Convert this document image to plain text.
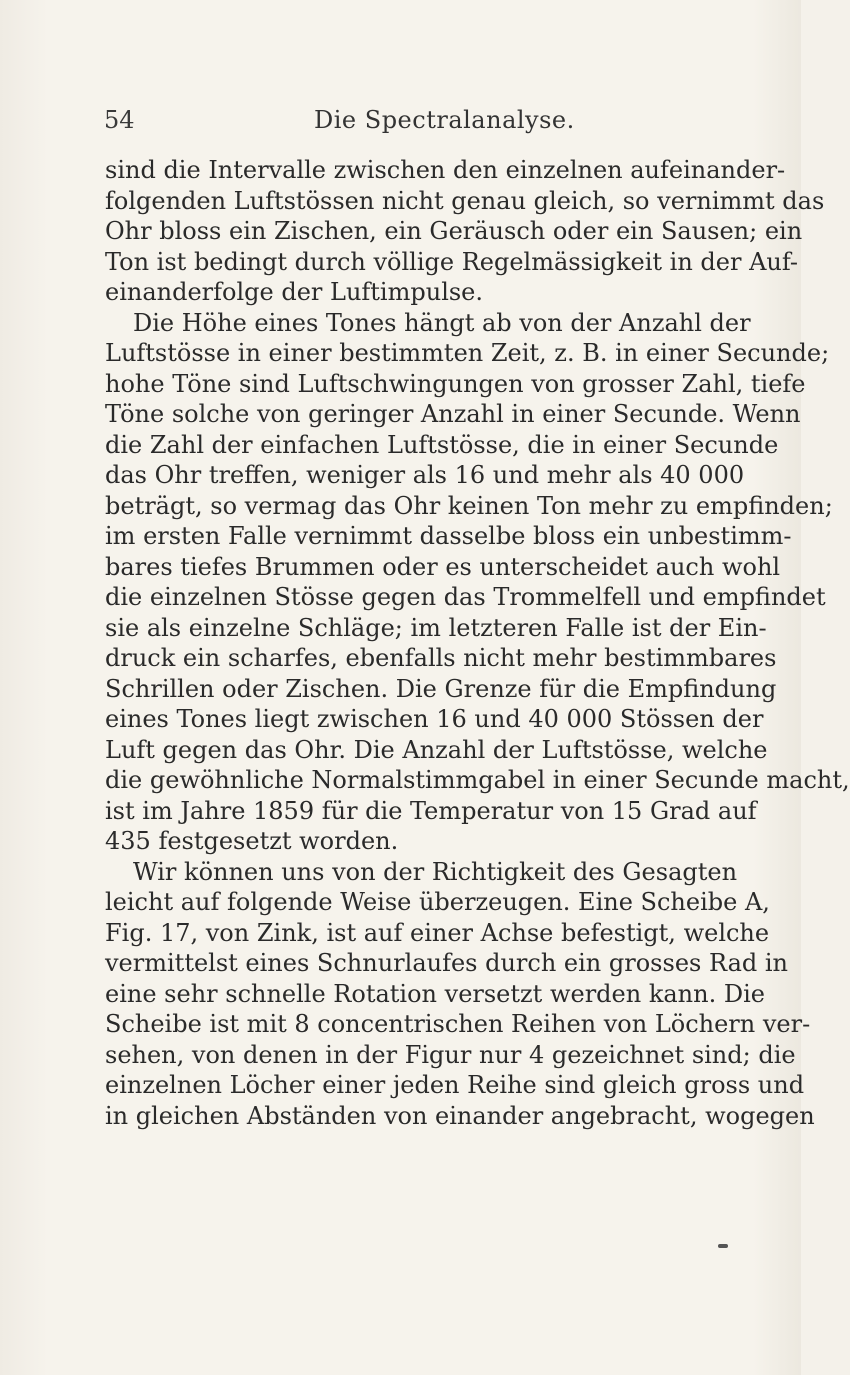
54	Die Spectralanalyse.
sind die Intervalle zwischen den einzelnen aufeinander-
folgenden Luftstössen nicht genau gleich, so vernimmt das
Ohr bloss ein Zischen, ein Geräusch oder ein Sausen; ein
Ton ist bedingt durch völlige Regelmässigkeit in der Auf-
einanderfolge der Luftimpulse.
Die Höhe eines Tones hängt ab von der Anzahl der
Luftstösse in einer bestimmten Zeit, z. B. in einer Secunde;
hohe Töne sind Luftschwingungen von grosser Zahl, tiefe
Töne solche von geringer Anzahl in einer Secunde. Wenn
die Zahl der einfachen Luftstösse, die in einer Secunde
das Ohr treffen, weniger als 16 und mehr als 40 000
beträgt, so vermag das Ohr keinen Ton mehr zu empfinden;
im ersten Falle vernimmt dasselbe bloss ein unbestimm-
bares tiefes Brummen oder es unterscheidet auch wohl
die einzelnen Stösse gegen das Trommelfell und empfindet
sie als einzelne Schläge; im letzteren Falle ist der Ein-
druck ein scharfes, ebenfalls nicht mehr bestimmbares
Schrillen oder Zischen. Die Grenze für die Empfindung
eines Tones liegt zwischen 16 und 40 000 Stössen der
Luft gegen das Ohr. Die Anzahl der Luftstösse, welche
die gewöhnliche Normalstimmgabel in einer Secunde macht,
ist im Jahre 1859 für die Temperatur von 15 Grad auf
435 festgesetzt worden.
Wir können uns von der Richtigkeit des Gesagten
leicht auf folgende Weise überzeugen. Eine Scheibe A,
Fig. 17, von Zink, ist auf einer Achse befestigt, welche
vermittelst eines Schnurlaufes durch ein grosses Rad in
eine sehr schnelle Rotation versetzt werden kann. Die
Scheibe ist mit 8 concentrischen Reihen von Löchern ver-
sehen, von denen in der Figur nur 4 gezeichnet sind; die
einzelnen Löcher einer jeden Reihe sind gleich gross und
in gleichen Abständen von einander angebracht, wogegen
